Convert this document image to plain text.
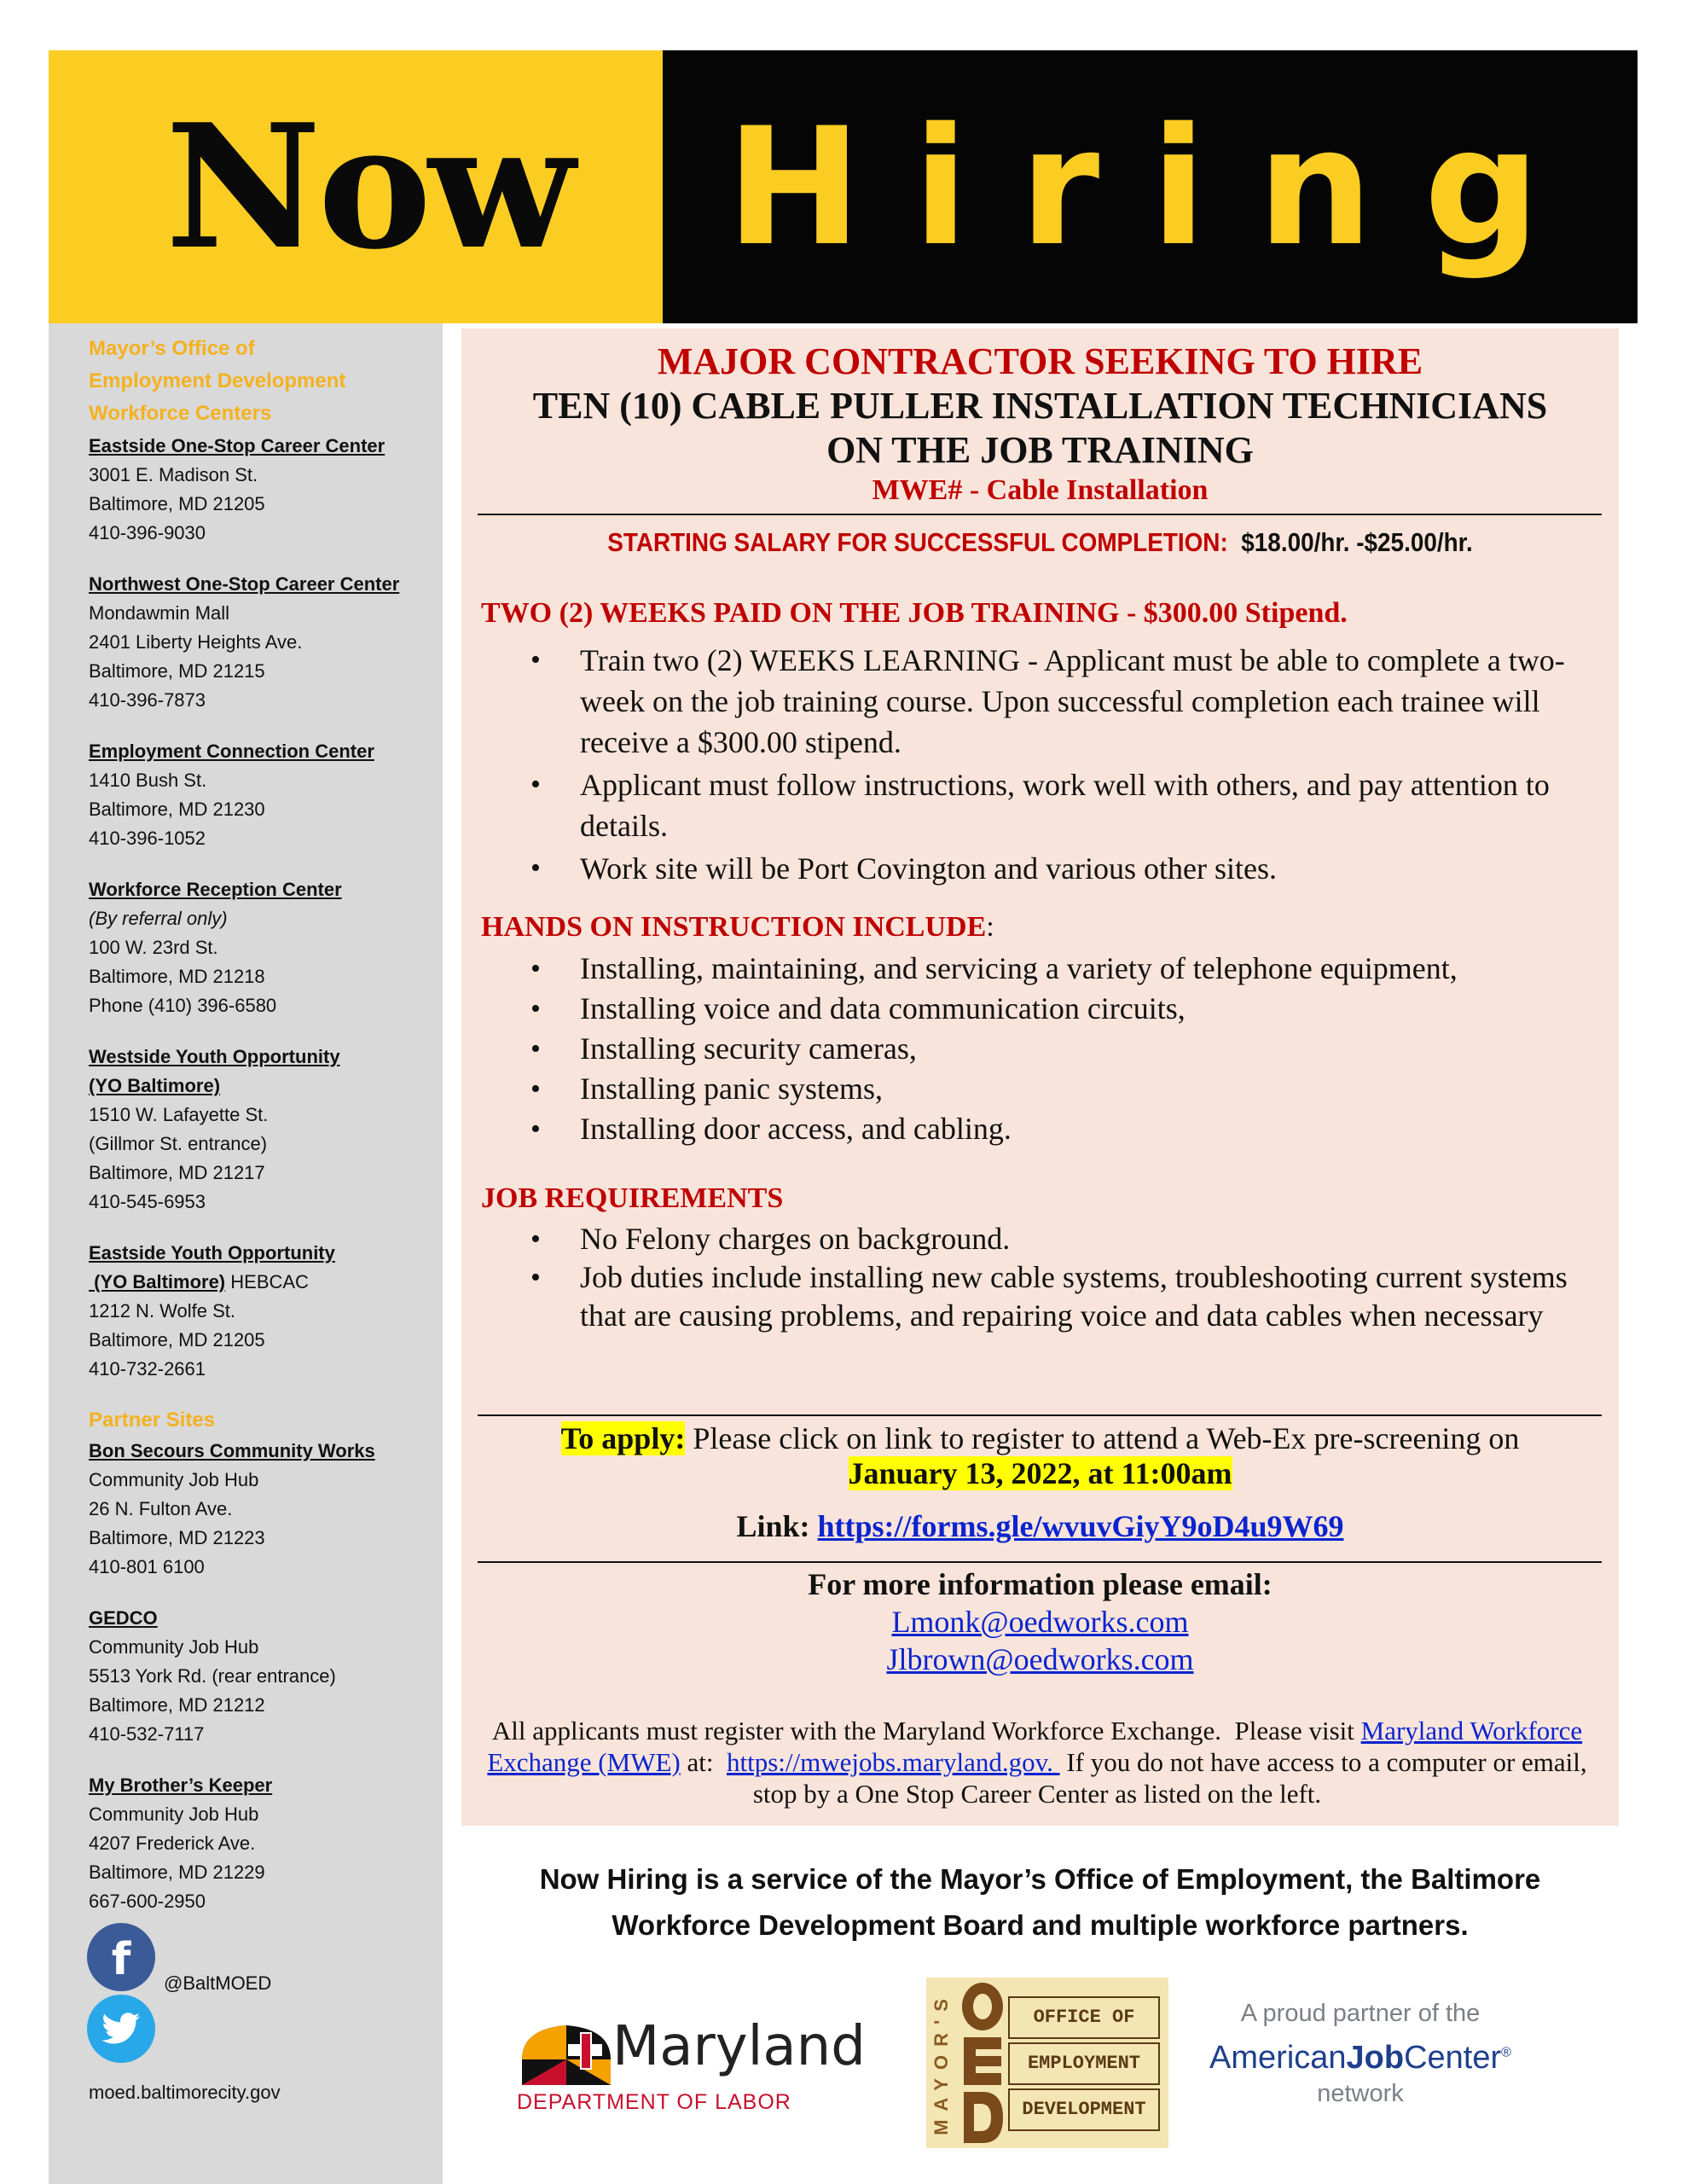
Now Hiring
Mayor’s Office of
Employment Development
Workforce Centers
Eastside One-Stop Career Center
3001 E. Madison St.
Baltimore, MD 21205
410-396-9030
Northwest One-Stop Career Center
Mondawmin Mall
2401 Liberty Heights Ave.
Baltimore, MD 21215
410-396-7873
Employment Connection Center
1410 Bush St.
Baltimore, MD 21230
410-396-1052
Workforce Reception Center
(By referral only)
100 W. 23rd St.
Baltimore, MD 21218
Phone (410) 396-6580
Westside Youth Opportunity
(YO Baltimore)
1510 W. Lafayette St.
(Gillmor St. entrance)
Baltimore, MD 21217
410-545-6953
Eastside Youth Opportunity
(YO Baltimore) HEBCAC
1212 N. Wolfe St.
Baltimore, MD 21205
410-732-2661
Partner Sites
Bon Secours Community Works
Community Job Hub
26 N. Fulton Ave.
Baltimore, MD 21223
410-801 6100
GEDCO
Community Job Hub
5513 York Rd. (rear entrance)
Baltimore, MD 21212
410-532-7117
My Brother’s Keeper
Community Job Hub
4207 Frederick Ave.
Baltimore, MD 21229
667-600-2950
f @BaltMOED
moed.baltimorecity.gov
MAJOR CONTRACTOR SEEKING TO HIRE
TEN (10) CABLE PULLER INSTALLATION TECHNICIANS
ON THE JOB TRAINING
MWE# - Cable Installation
STARTING SALARY FOR SUCCESSFUL COMPLETION: $18.00/hr. -$25.00/hr.
TWO (2) WEEKS PAID ON THE JOB TRAINING - $300.00 Stipend.
• Train two (2) WEEKS LEARNING - Applicant must be able to complete a two- week on the job training course. Upon successful completion each trainee will receive a $300.00 stipend.
• Applicant must follow instructions, work well with others, and pay attention to details.
• Work site will be Port Covington and various other sites.
HANDS ON INSTRUCTION INCLUDE:
• Installing, maintaining, and servicing a variety of telephone equipment,
• Installing voice and data communication circuits,
• Installing security cameras,
• Installing panic systems,
• Installing door access, and cabling.
JOB REQUIREMENTS
• No Felony charges on background.
• Job duties include installing new cable systems, troubleshooting current systems that are causing problems, and repairing voice and data cables when necessary
To apply: Please click on link to register to attend a Web-Ex pre-screening on
January 13, 2022, at 11:00am
Link: https://forms.gle/wvuvGiyY9oD4u9W69
For more information please email:
Lmonk@oedworks.com
Jlbrown@oedworks.com
All applicants must register with the Maryland Workforce Exchange.  Please visit Maryland Workforce Exchange (MWE) at:  https://mwejobs.maryland.gov.  If you do not have access to a computer or email, stop by a One Stop Career Center as listed on the left.
Now Hiring is a service of the Mayor’s Office of Employment, the Baltimore
Workforce Development Board and multiple workforce partners.
Maryland
DEPARTMENT OF LABOR	MAYOR'S	OFFICE OF
EMPLOYMENT
DEVELOPMENT
A proud partner of the
AmericanJobCenter®
network
